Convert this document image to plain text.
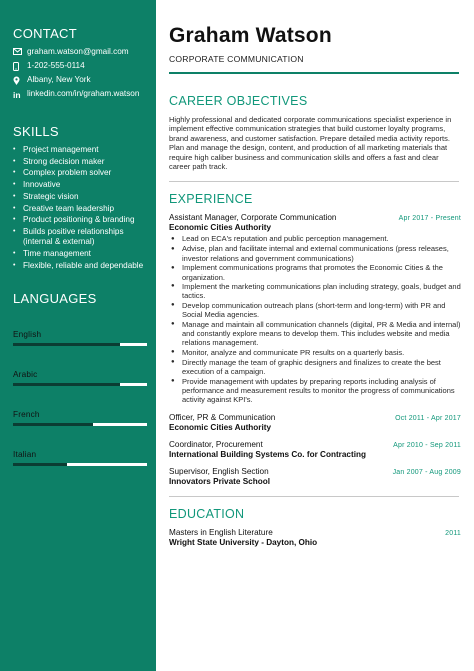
CONTACT
graham.watson@gmail.com
1-202-555-0114
Albany, New York
in linkedin.com/in/graham.watson
SKILLS
• Project management
• Strong decision maker
• Complex problem solver
• Innovative
• Strategic vision
• Creative team leadership
• Product positioning & branding
• Builds positive relationships (internal & external)
• Time management
• Flexible, reliable and dependable
LANGUAGES
English
Arabic
French
Italian
Graham Watson
CORPORATE COMMUNICATION
CAREER OBJECTIVES

Highly professional and dedicated corporate communications specialist experience in implement effective communication strategies that build customer loyalty programs, brand awareness, and customer satisfaction. Prepare detailed media activity reports. Plan and manage the design, content, and production of all marketing materials that require high caliber business and communication skills and offers a fast and clear career path track.

EXPERIENCE
Assistant Manager, Corporate Communication	Apr 2017 - Present
Economic Cities Authority
● Lead on ECA's reputation and public perception management.
● Advise, plan and facilitate internal and external communications (press releases, investor relations and government communications)
● Implement communications programs that promotes the Economic Cities & the organization.
● Implement the marketing communications plan including strategy, goals, budget and tactics.
● Develop communication outreach plans (short-term and long-term) with PR and Social Media agencies.
● Manage and maintain all communication channels (digital, PR & Media and internal) and constantly explore means to develop them. This includes website and media relations management.
● Monitor, analyze and communicate PR results on a quarterly basis.
● Directly manage the team of graphic designers and finalizes to create the best execution of a campaign.
● Provide management with updates by preparing reports including analysis of performance and measurement results to monitor the progress of communications activity against KPI's.
Officer, PR & Communication	Oct 2011 - Apr 2017
Economic Cities Authority
Coordinator, Procurement	Apr 2010 - Sep 2011
International Building Systems Co. for Contracting
Supervisor, English Section	Jan 2007 - Aug 2009
Innovators Private School
EDUCATION
Masters in English Literature	2011
Wright State University - Dayton, Ohio
